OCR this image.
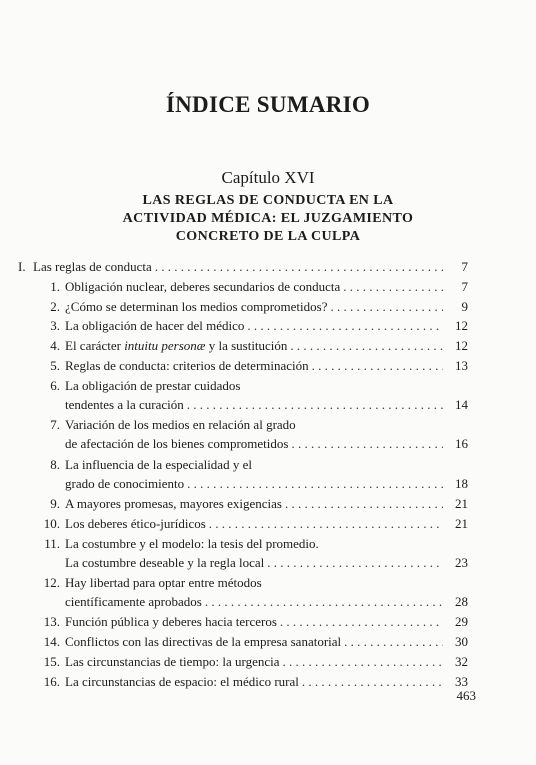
ÍNDICE SUMARIO
Capítulo XVI
LAS REGLAS DE CONDUCTA EN LA
ACTIVIDAD MÉDICA: EL JUZGAMIENTO
CONCRETO DE LA CULPA
I. Las reglas de conducta . . .	7
1. Obligación nuclear, deberes secundarios de conducta . . .	7
2. ¿Cómo se determinan los medios comprometidos? . . .	9
3. La obligación de hacer del médico . . .	12
4. El carácter intuitu personæ y la sustitución . . .	12
5. Reglas de conducta: criterios de determinación . . .	13
6. La obligación de prestar cuidados
tendentes a la curación . . .	14
7. Variación de los medios en relación al grado
de afectación de los bienes comprometidos . . .	16
8. La influencia de la especialidad y el
grado de conocimiento . . .	18
9. A mayores promesas, mayores exigencias . . .	21
10. Los deberes ético-jurídicos . . .	21
11. La costumbre y el modelo: la tesis del promedio.
La costumbre deseable y la regla local . . .	23
12. Hay libertad para optar entre métodos
científicamente aprobados . . .	28
13. Función pública y deberes hacia terceros . . .	29
14. Conflictos con las directivas de la empresa sanatorial . . .	30
15. Las circunstancias de tiempo: la urgencia . . .	32
16. La circunstancias de espacio: el médico rural . . .	33
463
